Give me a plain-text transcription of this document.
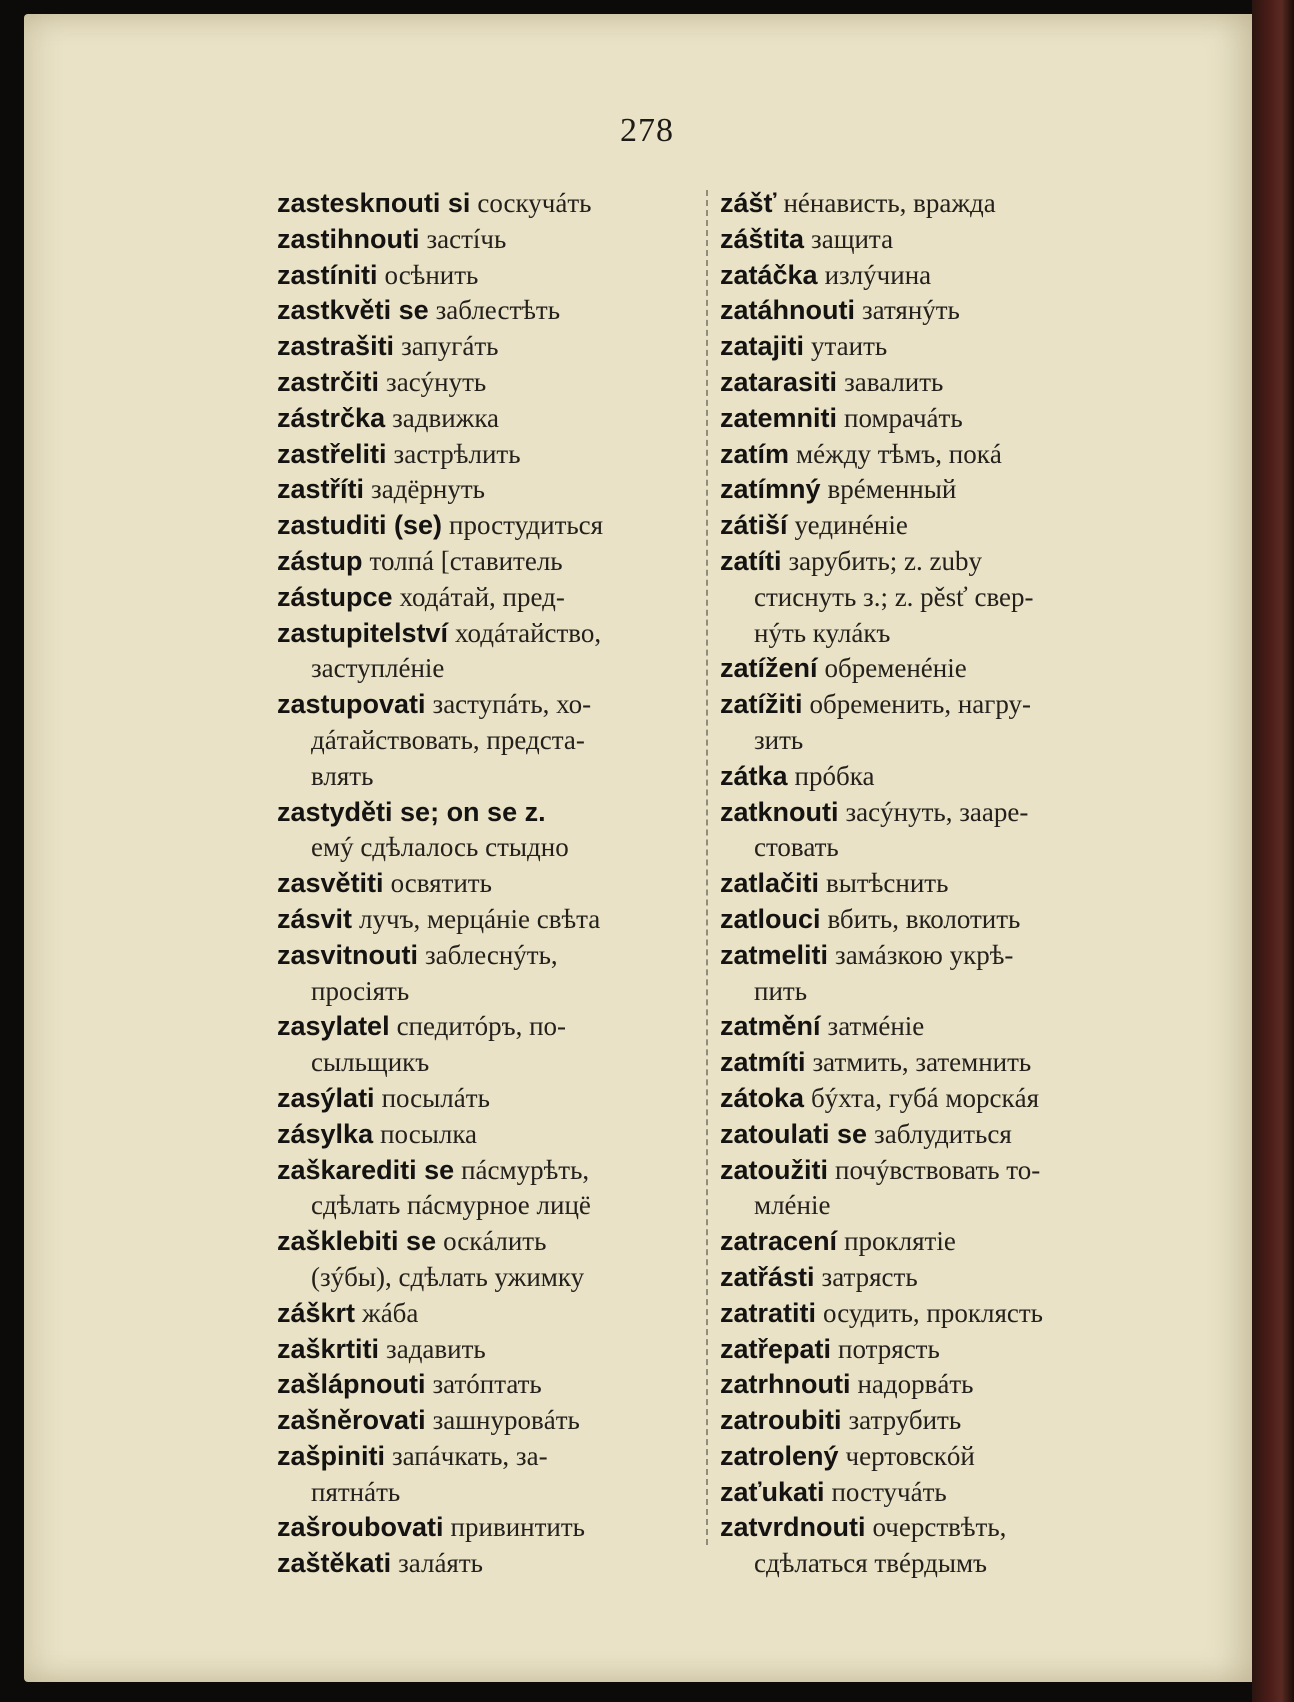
278
zasteskпouti si соскучáть
zastihnouti застíчь
zastíniti осѣнить
zastkvěti se заблестѣть
zastrašiti запугáть
zastrčiti засýнуть
zástrčka задвижка
zastřeliti застрѣлить
zastříti задёрнуть
zastuditi (se) простудиться
zástup толпá [ставитель
zástupce ходáтай, пред-
zastupitelství ходáтайство,
заступлéніе
zastupovati заступáть, хо-
дáтайствовать, предста-
влять
zastyděti se; on se z.
емý сдѣлалось стыдно
zasvětiti освятить
zásvit лучъ, мерцáніе свѣта
zasvitnouti заблеснýть,
просіять
zasylatel спедитóръ, по-
сыльщикъ
zasýlati посылáть
zásylka посылка
zaškarediti se пáсмурѣть,
сдѣлать пáсмурное лицё
zašklebiti se оскáлить
(зýбы), сдѣлать ужимку
záškrt жáба
zaškrtiti задавить
zašlápnouti затóптать
zašněrovati зашнуровáть
zašpiniti запáчкать, за-
пятнáть
zašroubovati привинтить
zaštěkati залáять
zášť нéнависть, вражда
záštita защита
zatáčka излýчина
zatáhnouti затянýть
zatajiti утаить
zatarasiti завалить
zatemniti помрачáть
zatím мéжду тѣмъ, покá
zatímný врéменный
zátiší уединéніе
zatíti зарубить; z. zuby
стиснуть з.; z. pěsť свер-
нýть кулáкъ
zatížení обременéніе
zatížiti обременить, нагру-
зить
zátka прóбка
zatknouti засýнуть, заарe-
стовать
zatlačiti вытѣснить
zatlouci вбить, вколотить
zatmeliti замáзкою укрѣ-
пить
zatmění затмéніе
zatmíti затмить, затемнить
zátoka бýхта, губá морскáя
zatoulati se заблудиться
zatoužiti почýвствовать то-
млéніе
zatracení проклятіе
zatřásti затрясть
zatratiti осудить, проклясть
zatřepati потрясть
zatrhnouti надорвáть
zatroubiti затрубить
zatrolený чертовскóй
zaťukati постучáть
zatvrdnouti очерствѣть,
сдѣлаться твéрдымъ
